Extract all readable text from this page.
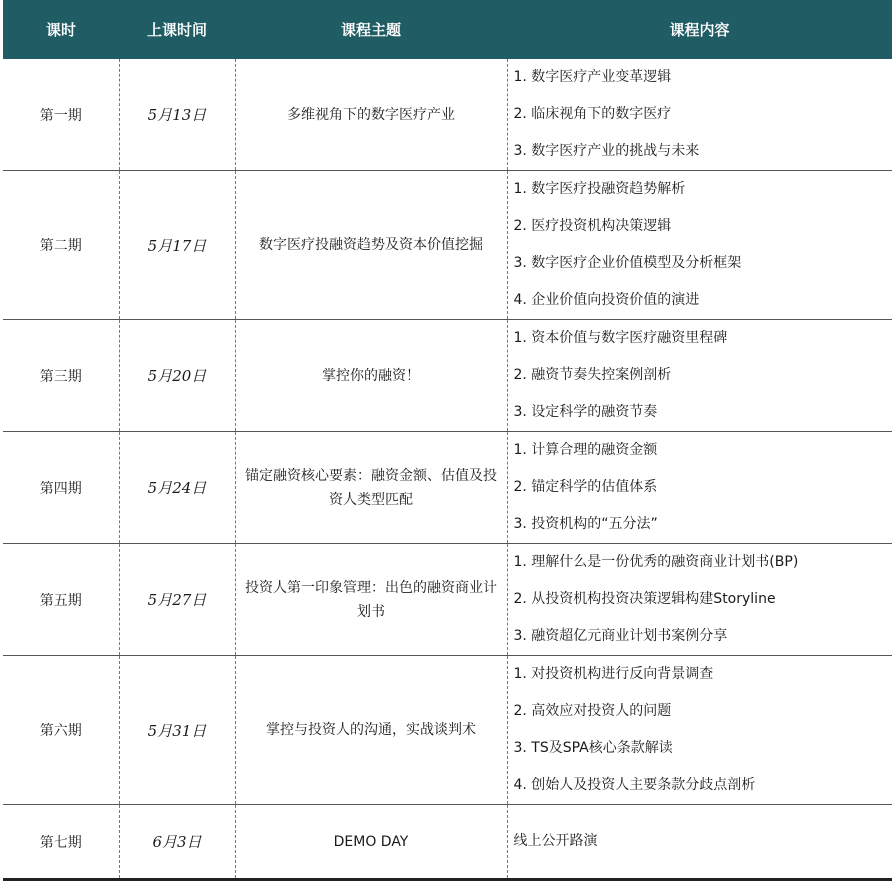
课时	上课时间	课程主题	课程内容
第一期	5月13日	多维视角下的数字医疗产业	1. 数字医疗产业变革逻辑
2. 临床视角下的数字医疗
3. 数字医疗产业的挑战与未来

第二期	5月17日	数字医疗投融资趋势及资本价值挖掘	1. 数字医疗投融资趋势解析
2. 医疗投资机构决策逻辑
3. 数字医疗企业价值模型及分析框架
4. 企业价值向投资价值的演进

第三期	5月20日	掌控你的融资！	1. 资本价值与数字医疗融资里程碑
2. 融资节奏失控案例剖析
3. 设定科学的融资节奏

第四期	5月24日	锚定融资核心要素：融资金额、估值及投资人类型匹配	1. 计算合理的融资金额
2. 锚定科学的估值体系
3. 投资机构的“五分法”

第五期	5月27日	投资人第一印象管理：出色的融资商业计划书	1. 理解什么是一份优秀的融资商业计划书(BP)
2. 从投资机构投资决策逻辑构建Storyline
3. 融资超亿元商业计划书案例分享

第六期	5月31日	掌控与投资人的沟通，实战谈判术	1. 对投资机构进行反向背景调查
2. 高效应对投资人的问题
3. TS及SPA核心条款解读
4. 创始人及投资人主要条款分歧点剖析

第七期	6月3日	DEMO DAY	线上公开路演
